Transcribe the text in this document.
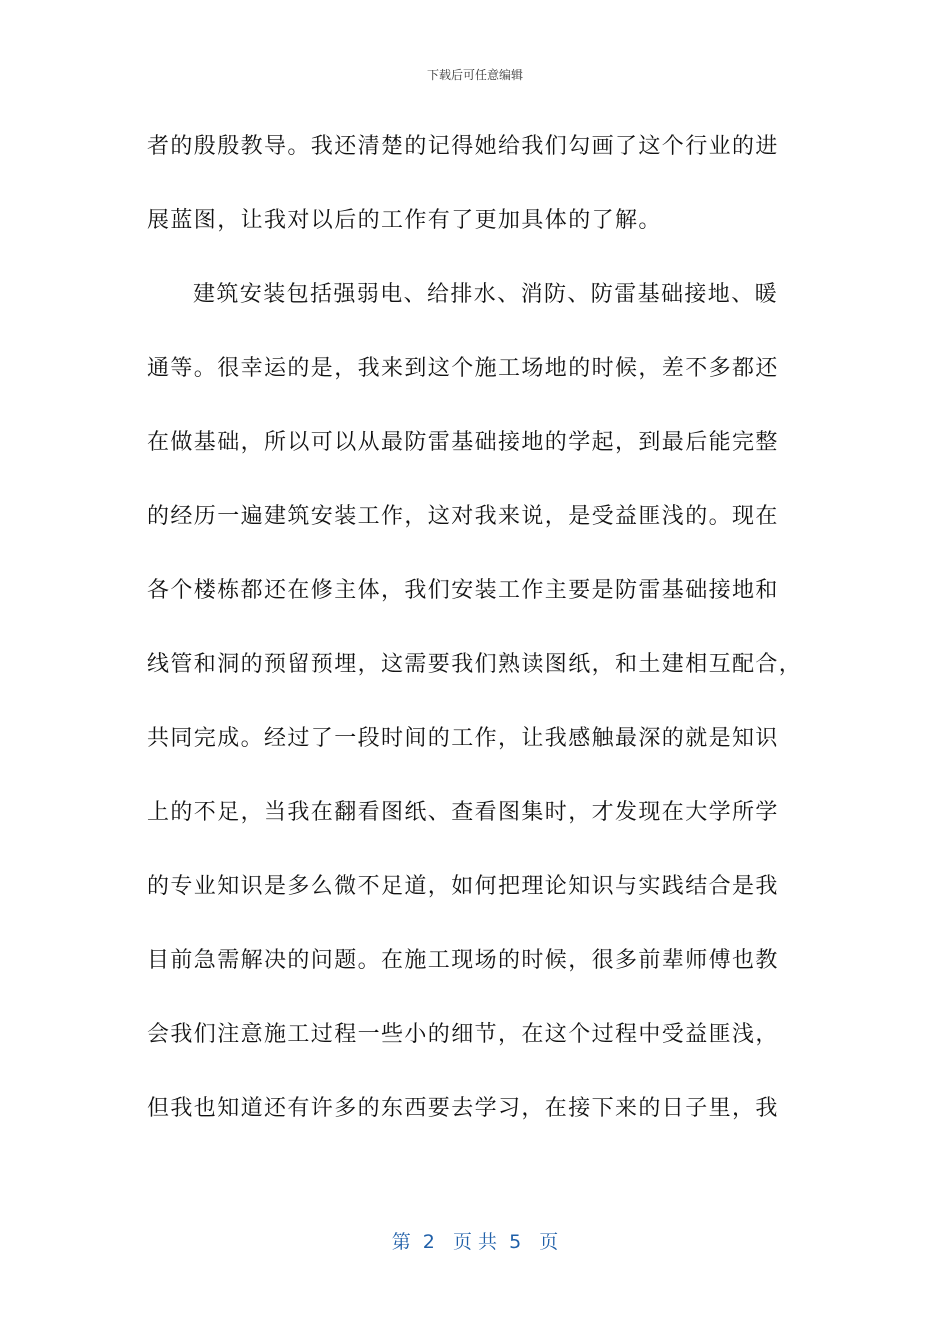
下载后可任意编辑
者的殷殷教导。我还清楚的记得她给我们勾画了这个行业的进
展蓝图，让我对以后的工作有了更加具体的了解。
建筑安装包括强弱电、给排水、消防、防雷基础接地、暖
通等。很幸运的是，我来到这个施工场地的时候，差不多都还
在做基础，所以可以从最防雷基础接地的学起，到最后能完整
的经历一遍建筑安装工作，这对我来说，是受益匪浅的。现在
各个楼栋都还在修主体，我们安装工作主要是防雷基础接地和
线管和洞的预留预埋，这需要我们熟读图纸，和土建相互配合，
共同完成。经过了一段时间的工作，让我感触最深的就是知识
上的不足，当我在翻看图纸、查看图集时，才发现在大学所学
的专业知识是多么微不足道，如何把理论知识与实践结合是我
目前急需解决的问题。在施工现场的时候，很多前辈师傅也教
会我们注意施工过程一些小的细节，在这个过程中受益匪浅，
但我也知道还有许多的东西要去学习，在接下来的日子里，我
第  2   页 共  5   页
